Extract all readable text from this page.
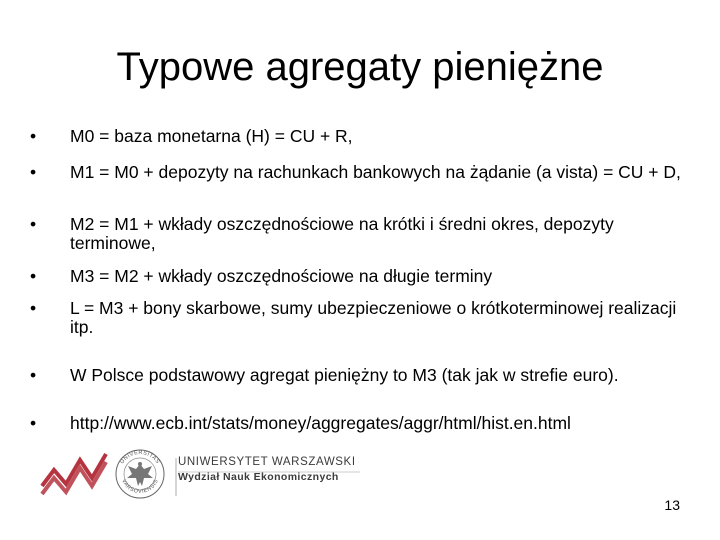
Typowe agregaty pieniężne
•	M0 = baza monetarna (H) = CU + R,
•	M1 = M0 + depozyty na rachunkach bankowych na żądanie (a vista) = CU + D,
•	M2 = M1 + wkłady oszczędnościowe na krótki i średni okres, depozyty terminowe,
•	M3 = M2 + wkłady oszczędnościowe na długie terminy
•	L = M3 + bony skarbowe, sumy ubezpieczeniowe o krótkoterminowej realizacji itp.
•	W Polsce podstawowy agregat pieniężny to M3 (tak jak w strefie euro).
•	http://www.ecb.int/stats/money/aggregates/aggr/html/hist.en.html
UNIVERSITAS
VARSOVIENSIS
UNIWERSYTET WARSZAWSKI
Wydział Nauk Ekonomicznych
13
